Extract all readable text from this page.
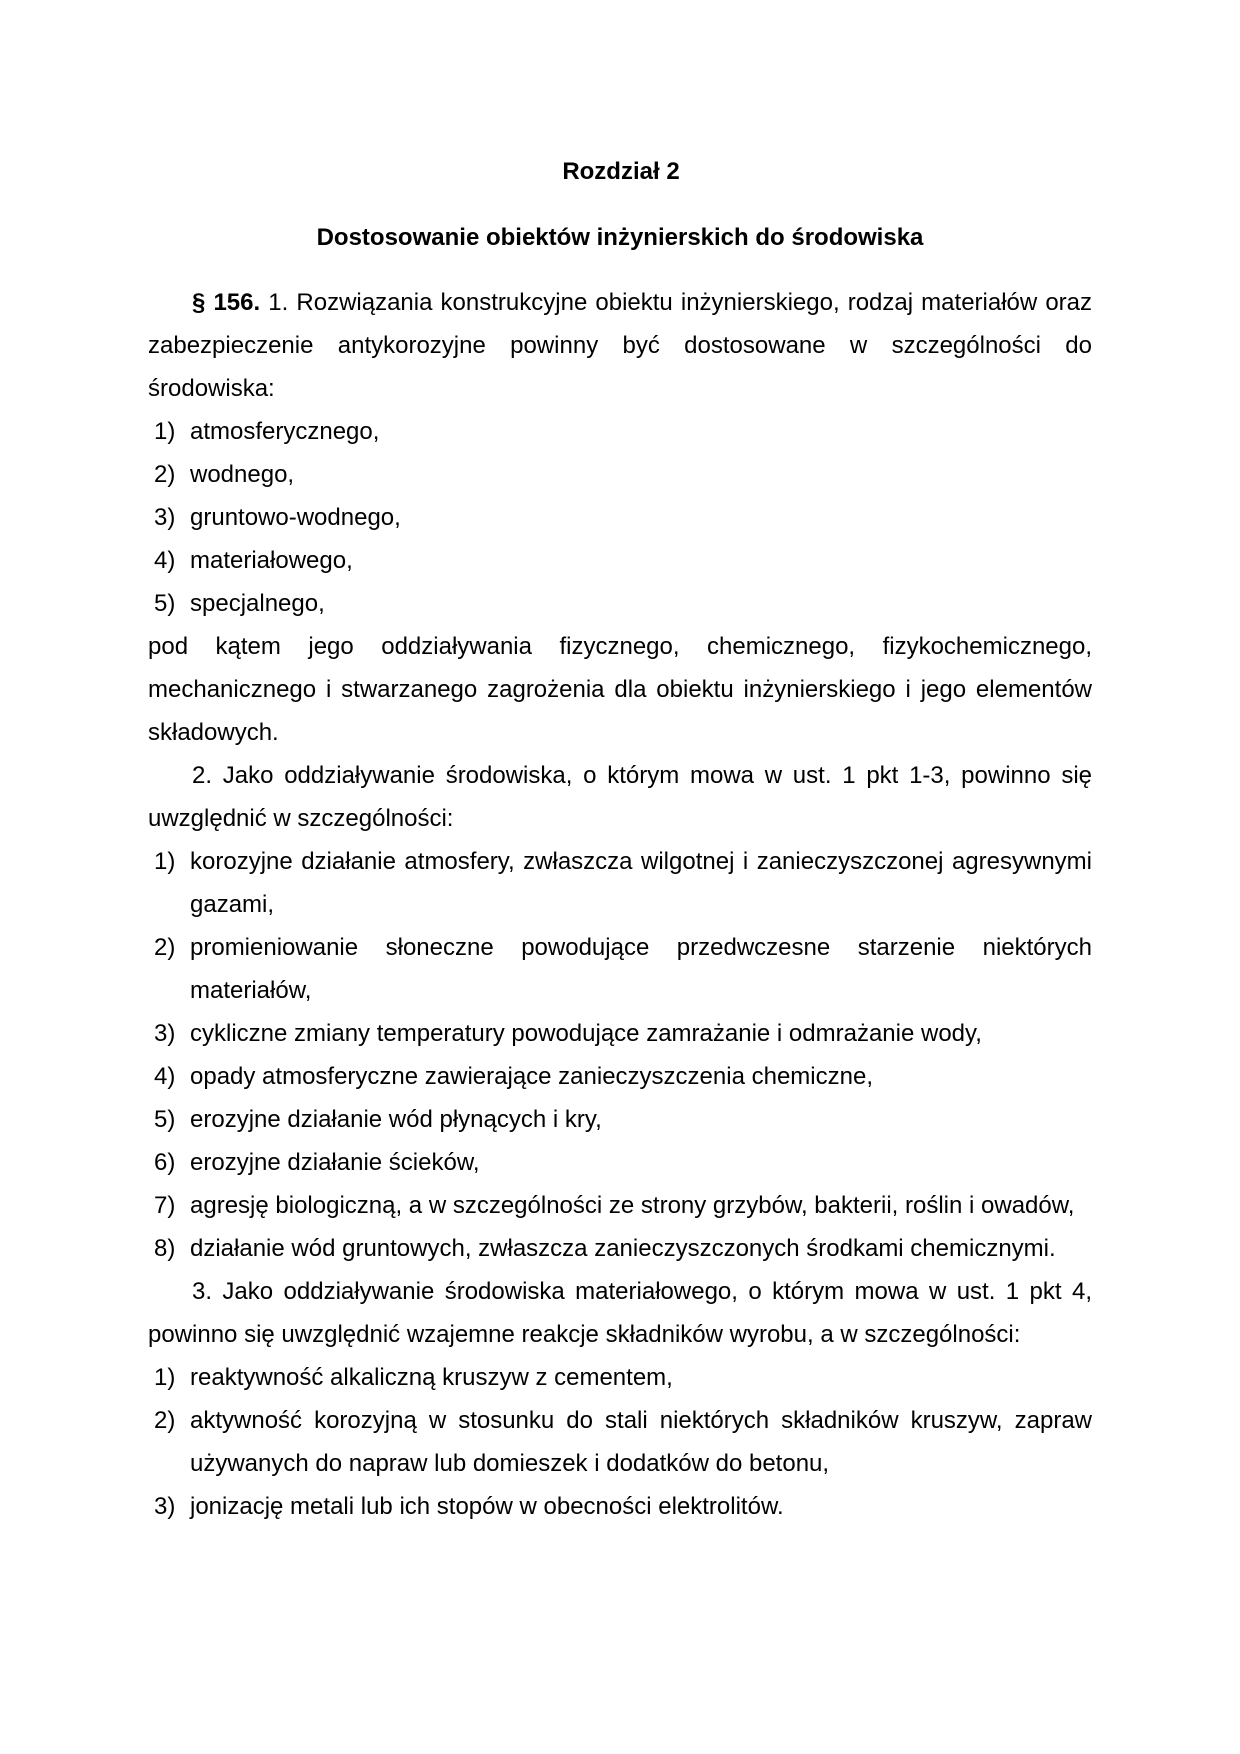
Rozdział 2
Dostosowanie obiektów inżynierskich do środowiska
§ 156. 1. Rozwiązania konstrukcyjne obiektu inżynierskiego, rodzaj materiałów oraz zabezpieczenie antykorozyjne powinny być dostosowane w szczególności do środowiska:
1) atmosferycznego,
2) wodnego,
3) gruntowo-wodnego,
4) materiałowego,
5) specjalnego,
pod kątem jego oddziaływania fizycznego, chemicznego, fizykochemicznego, mechanicznego i stwarzanego zagrożenia dla obiektu inżynierskiego i jego elementów składowych.
2. Jako oddziaływanie środowiska, o którym mowa w ust. 1 pkt 1-3, powinno się uwzględnić w szczególności:
1) korozyjne działanie atmosfery, zwłaszcza wilgotnej i zanieczyszczonej agresywnymi gazami,
2) promieniowanie słoneczne powodujące przedwczesne starzenie niektórych materiałów,
3) cykliczne zmiany temperatury powodujące zamrażanie i odmrażanie wody,
4) opady atmosferyczne zawierające zanieczyszczenia chemiczne,
5) erozyjne działanie wód płynących i kry,
6) erozyjne działanie ścieków,
7) agresję biologiczną, a w szczególności ze strony grzybów, bakterii, roślin i owadów,
8) działanie wód gruntowych, zwłaszcza zanieczyszczonych środkami chemicznymi.
3. Jako oddziaływanie środowiska materiałowego, o którym mowa w ust. 1 pkt 4, powinno się uwzględnić wzajemne reakcje składników wyrobu, a w szczególności:
1) reaktywność alkaliczną kruszyw z cementem,
2) aktywność korozyjną w stosunku do stali niektórych składników kruszyw, zapraw używanych do napraw lub domieszek i dodatków do betonu,
3) jonizację metali lub ich stopów w obecności elektrolitów.
